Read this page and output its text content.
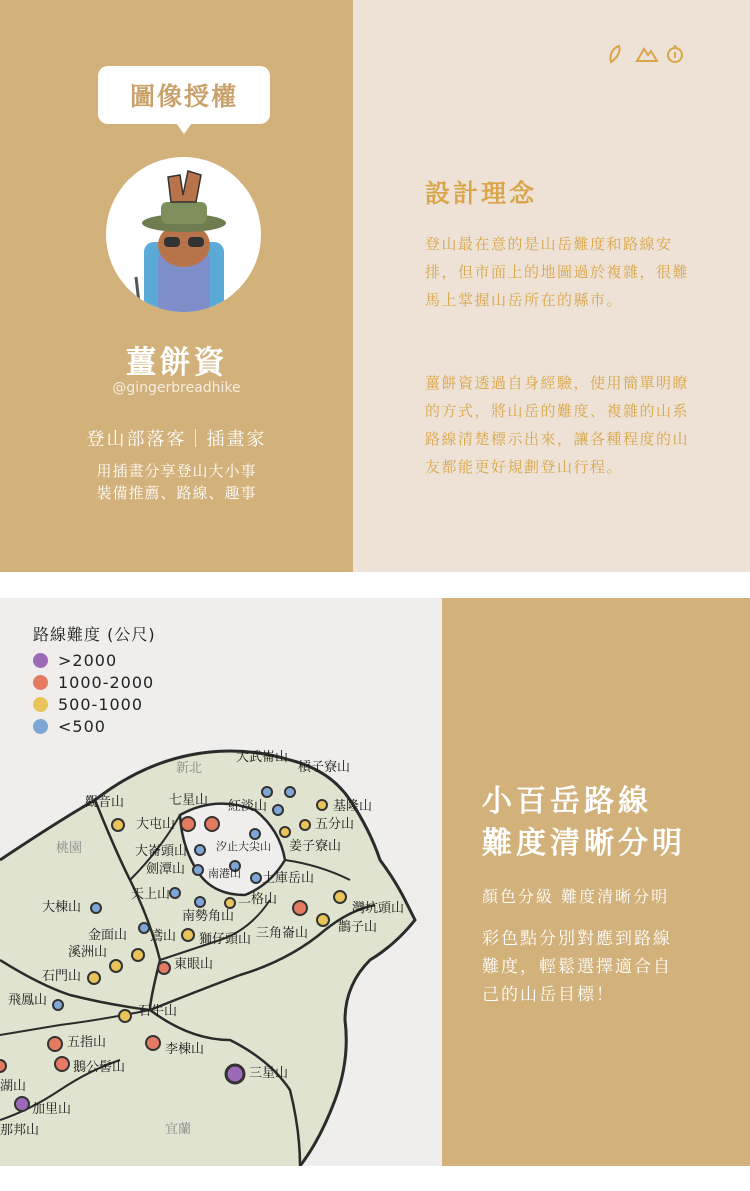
圖像授權
薑餅資
@gingerbreadhike
登山部落客｜插畫家
用插畫分享登山大小事
裝備推薦、路線、趣事
設計理念
登山最在意的是山岳難度和路線安排，但市面上的地圖過於複雜，很難馬上掌握山岳所在的縣市。
薑餅資透過自身經驗，使用簡單明瞭的方式，將山岳的難度、複雜的山系路線清楚標示出來，讓各種程度的山友都能更好規劃登山行程。
新北
桃園
宜蘭
大武崙山
槓子寮山
觀音山	七星山 紅淡山	基隆山
大屯山	五分山
大崙頭山	汐止大尖山 姜子寮山
劍潭山 南港山 土庫岳山
天上山	二格山
大棟山
南勢角山
灣坑頭山
金面山 鳶山 獅仔頭山 三角崙山 鵲子山
溪洲山
東眼山
石門山
飛鳳山
石牛山
五指山	李棟山
鵝公髻山	三星山
湖山
加里山
那邦山
路線難度 (公尺)
>2000
1000-2000
500-1000
<500
小百岳路線
難度清晰分明
顏色分級 難度清晰分明
彩色點分別對應到路線
難度，輕鬆選擇適合自
己的山岳目標！
